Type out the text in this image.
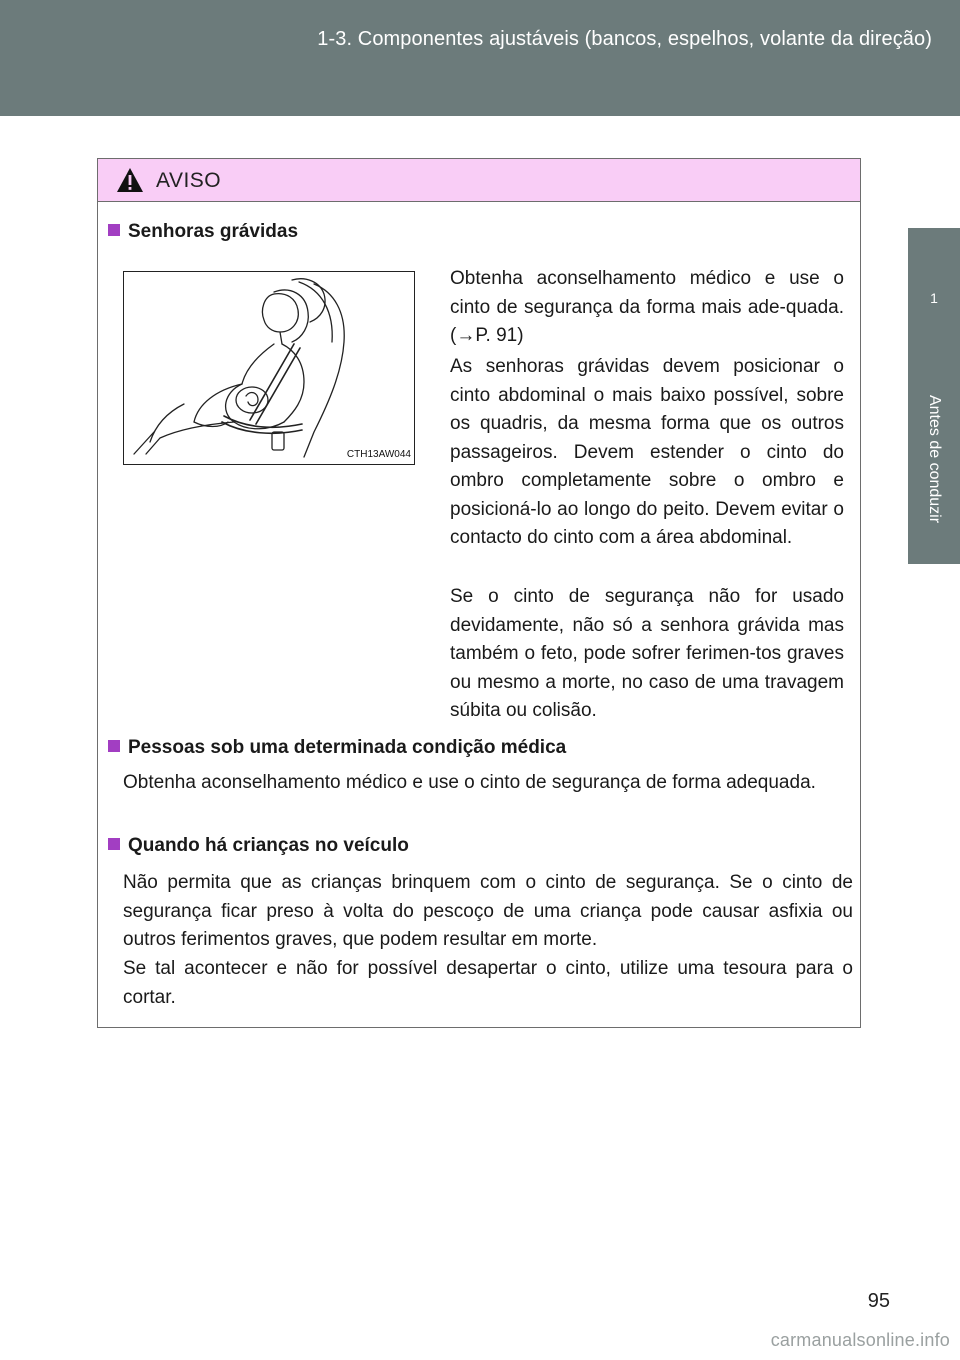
1-3. Componentes ajustáveis (bancos, espelhos, volante da direção)
1
Antes de conduzir
AVISO
Senhoras grávidas
CTH13AW044
Obtenha aconselhamento médico e use o cinto de segurança da forma mais ade-quada. (→P. 91)
As senhoras grávidas devem posicionar o cinto abdominal o mais baixo possível, sobre os quadris, da mesma forma que os outros passageiros. Devem estender o cinto do ombro completamente sobre o ombro e posicioná-lo ao longo do peito. Devem evitar o contacto do cinto com a área abdominal.
Se o cinto de segurança não for usado devidamente, não só a senhora grávida mas também o feto, pode sofrer ferimen-tos graves ou mesmo a morte, no caso de uma travagem súbita ou colisão.
Pessoas sob uma determinada condição médica
Obtenha aconselhamento médico e use o cinto de segurança de forma adequada.
Quando há crianças no veículo
Não permita que as crianças brinquem com o cinto de segurança. Se o cinto de segurança ficar preso à volta do pescoço de uma criança pode causar asfixia ou outros ferimentos graves, que podem resultar em morte.
Se tal acontecer e não for possível desapertar o cinto, utilize uma tesoura para o cortar.
95
carmanualsonline.info
